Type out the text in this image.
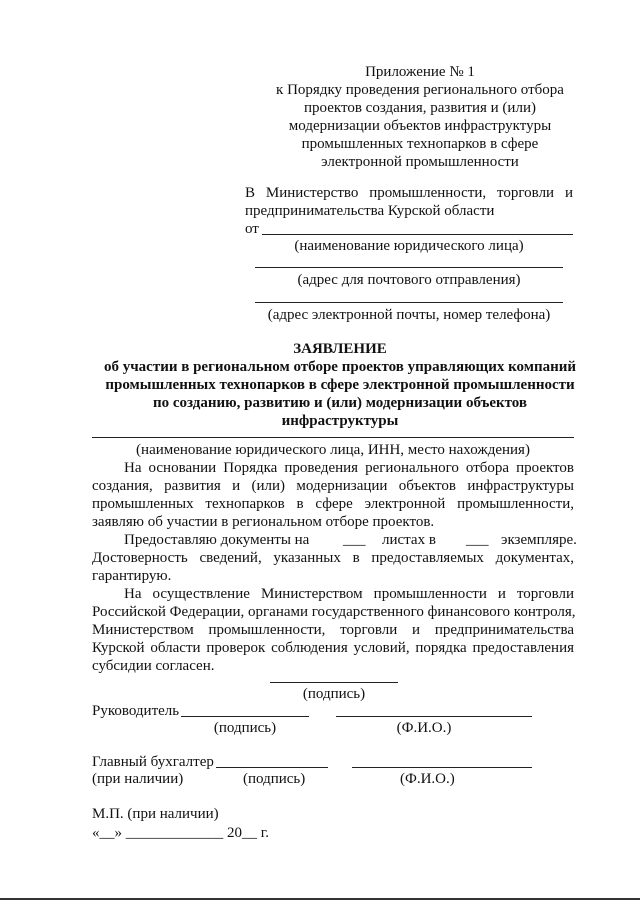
Приложение № 1
к Порядку проведения регионального отбора
проектов создания, развития и (или)
модернизации объектов инфраструктуры
промышленных технопарков в сфере
электронной промышленности
В Министерство промышленности, торговли и
предпринимательства Курской области
от
(наименование юридического лица)
(адрес для почтового отправления)
(адрес электронной почты, номер телефона)
ЗАЯВЛЕНИЕ
об участии в региональном отборе проектов управляющих компаний
промышленных технопарков в сфере электронной промышленности
по созданию, развитию и (или) модернизации объектов
инфраструктуры
(наименование юридического лица, ИНН, место нахождения)
На основании Порядка проведения регионального отбора проектов
создания, развития и (или) модернизации объектов инфраструктуры
промышленных технопарков в сфере электронной промышленности,
заявляю об участии в региональном отборе проектов.
Предоставляю документы на ___ листах в ___ экземпляре.
Достоверность сведений, указанных в предоставляемых документах,
гарантирую.
На осуществление Министерством промышленности и торговли
Российской Федерации, органами государственного финансового контроля,
Министерством промышленности, торговли и предпринимательства
Курской области проверок соблюдения условий, порядка предоставления
субсидии согласен.
(подпись)
Руководитель
(подпись)	(Ф.И.О.)
Главный бухгалтер
(при наличии)	(подпись)	(Ф.И.О.)
М.П. (при наличии)
«__» _____________ 20__ г.
